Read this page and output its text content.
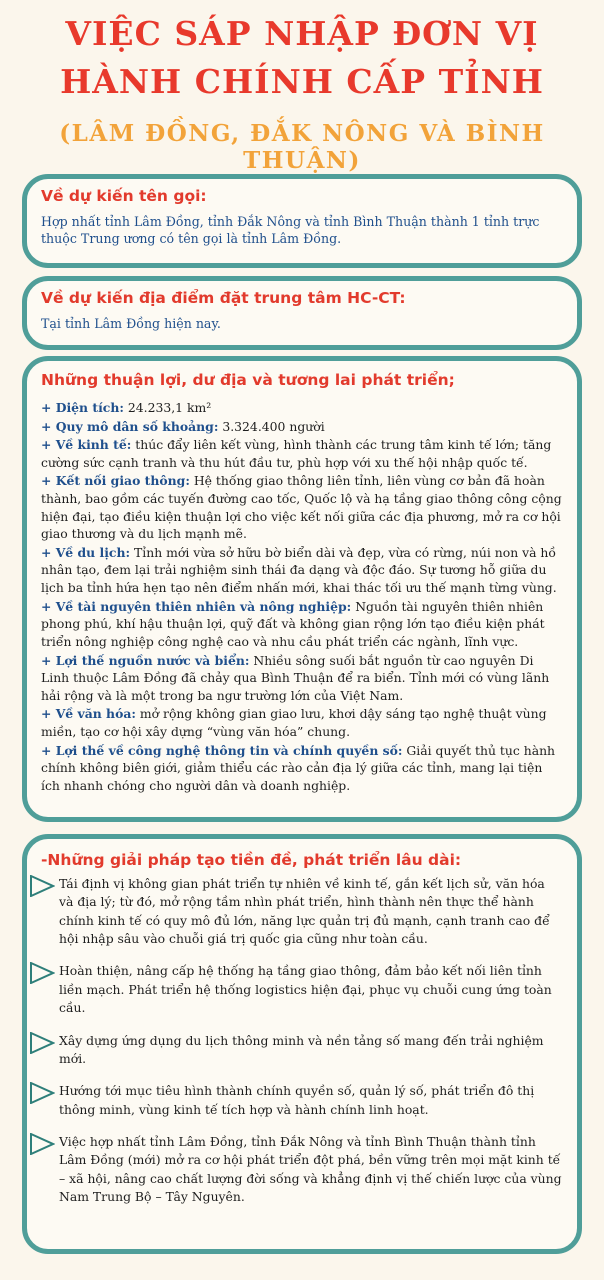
VIỆC SÁP NHẬP ĐƠN VỊ
HÀNH CHÍNH CẤP TỈNH
(LÂM ĐỒNG, ĐẮK NÔNG VÀ BÌNH THUẬN)
Về dự kiến tên gọi:
Hợp nhất tỉnh Lâm Đồng, tỉnh Đắk Nông và tỉnh Bình Thuận thành 1 tỉnh trực thuộc Trung ương có tên gọi là tỉnh Lâm Đồng.
Về dự kiến địa điểm đặt trung tâm HC-CT:
Tại tỉnh Lâm Đồng hiện nay.
Những thuận lợi, dư địa và tương lai phát triển;
+ Diện tích: 24.233,1 km²
+ Quy mô dân số khoảng: 3.324.400 người
+ Về kinh tế: thúc đẩy liên kết vùng, hình thành các trung tâm kinh tế lớn; tăng cường sức cạnh tranh và thu hút đầu tư, phù hợp với xu thế hội nhập quốc tế.
+ Kết nối giao thông: Hệ thống giao thông liên tỉnh, liên vùng cơ bản đã hoàn thành, bao gồm các tuyến đường cao tốc, Quốc lộ và hạ tầng giao thông công cộng hiện đại, tạo điều kiện thuận lợi cho việc kết nối giữa các địa phương, mở ra cơ hội giao thương và du lịch mạnh mẽ.
+ Về du lịch: Tỉnh mới vừa sở hữu bờ biển dài và đẹp, vừa có rừng, núi non và hồ nhân tạo, đem lại trải nghiệm sinh thái đa dạng và độc đáo. Sự tương hỗ giữa du lịch ba tỉnh hứa hẹn tạo nên điểm nhấn mới, khai thác tối ưu thế mạnh từng vùng.
+ Về tài nguyên thiên nhiên và nông nghiệp: Nguồn tài nguyên thiên nhiên phong phú, khí hậu thuận lợi, quỹ đất và không gian rộng lớn tạo điều kiện phát triển nông nghiệp công nghệ cao và nhu cầu phát triển các ngành, lĩnh vực.
+ Lợi thế nguồn nước và biển: Nhiều sông suối bắt nguồn từ cao nguyên Di Linh thuộc Lâm Đồng đã chảy qua Bình Thuận để ra biển. Tỉnh mới có vùng lãnh hải rộng và là một trong ba ngư trường lớn của Việt Nam.
+ Về văn hóa: mở rộng không gian giao lưu, khơi dậy sáng tạo nghệ thuật vùng miền, tạo cơ hội xây dựng “vùng văn hóa” chung.
+ Lợi thế về công nghệ thông tin và chính quyền số: Giải quyết thủ tục hành chính không biên giới, giảm thiểu các rào cản địa lý giữa các tỉnh, mang lại tiện ích nhanh chóng cho người dân và doanh nghiệp.
-Những giải pháp tạo tiền đề, phát triển lâu dài:
Tái định vị không gian phát triển tự nhiên về kinh tế, gắn kết lịch sử, văn hóa và địa lý; từ đó, mở rộng tầm nhìn phát triển, hình thành nên thực thể hành chính kinh tế có quy mô đủ lớn, năng lực quản trị đủ mạnh, cạnh tranh cao để hội nhập sâu vào chuỗi giá trị quốc gia cũng như toàn cầu.
Hoàn thiện, nâng cấp hệ thống hạ tầng giao thông, đảm bảo kết nối liên tỉnh liền mạch. Phát triển hệ thống logistics hiện đại, phục vụ chuỗi cung ứng toàn cầu.
Xây dựng ứng dụng du lịch thông minh và nền tảng số mang đến trải nghiệm mới.
Hướng tới mục tiêu hình thành chính quyền số, quản lý số, phát triển đô thị thông minh, vùng kinh tế tích hợp và hành chính linh hoạt.
Việc hợp nhất tỉnh Lâm Đồng, tỉnh Đắk Nông và tỉnh Bình Thuận thành tỉnh Lâm Đồng (mới) mở ra cơ hội phát triển đột phá, bền vững trên mọi mặt kinh tế – xã hội, nâng cao chất lượng đời sống và khẳng định vị thế chiến lược của vùng Nam Trung Bộ – Tây Nguyên.
